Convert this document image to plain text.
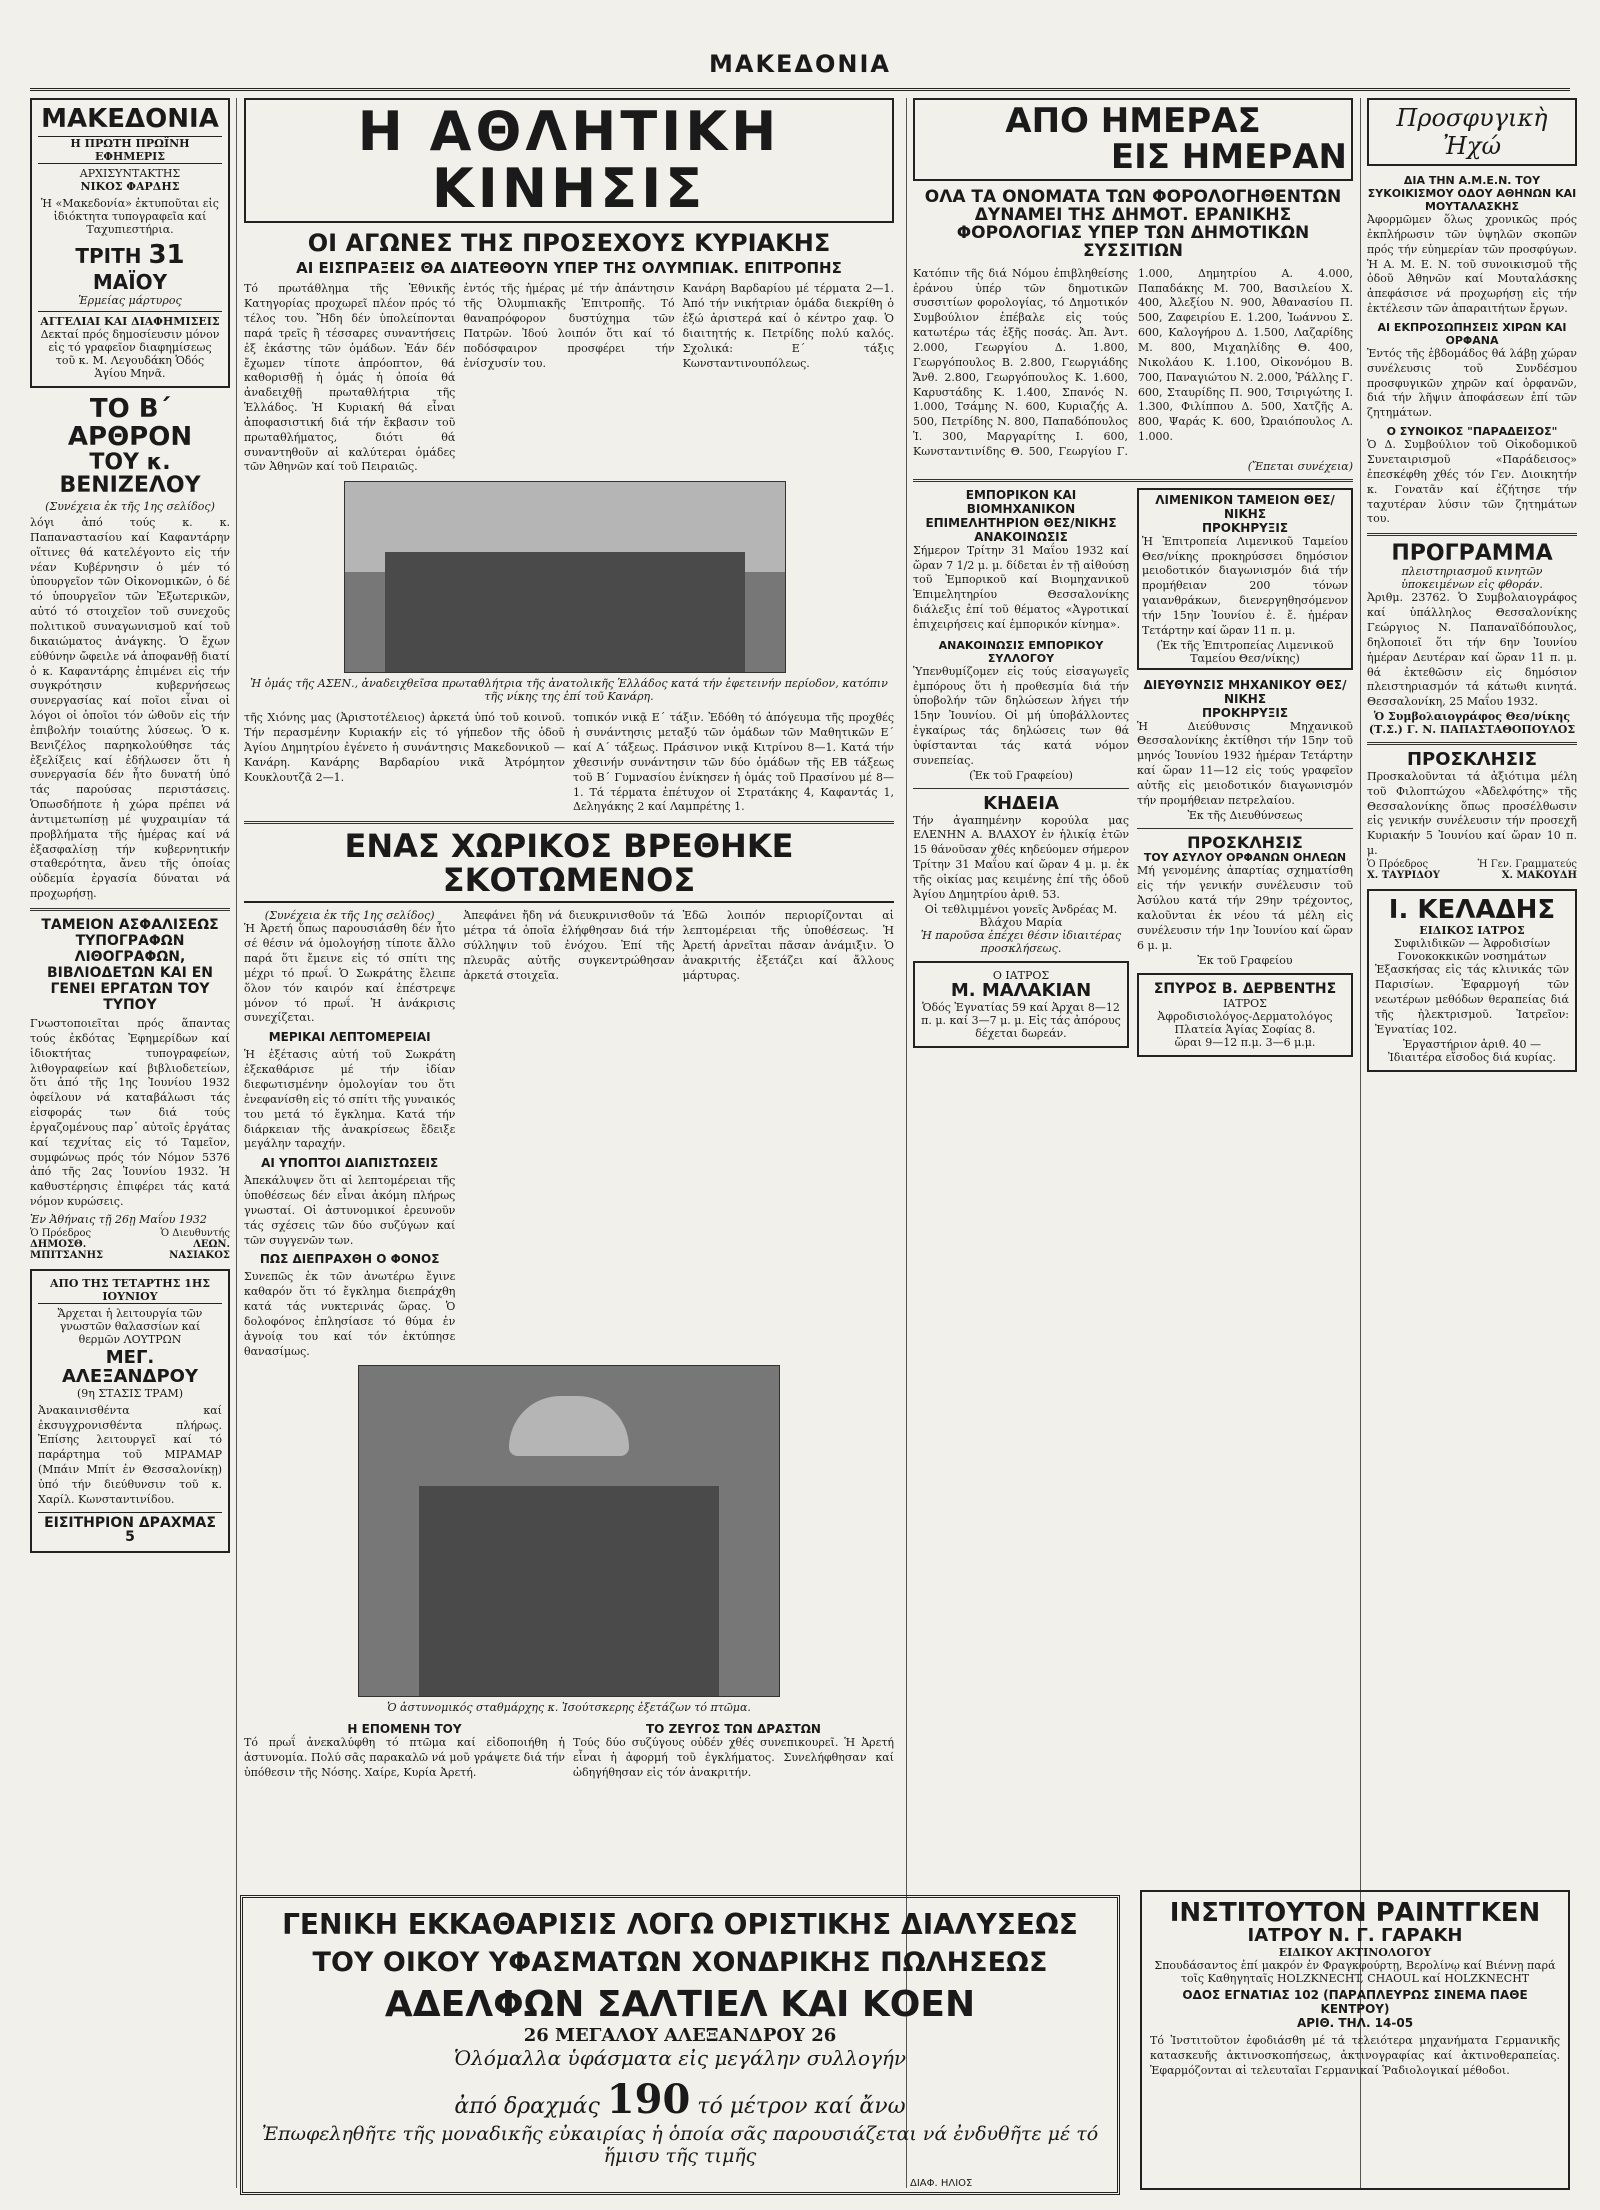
ΜΑΚΕΔΟΝΙΑ
ΜΑΚΕΔΟΝΙΑ
Η ΠΡΩΤΗ ΠΡΩΪΝΗ ΕΦΗΜΕΡΙΣ
ΑΡΧΙΣΥΝΤΑΚΤΗΣ
ΝΙΚΟΣ ΦΑΡΔΗΣ
Ἡ «Μακεδονία» ἐκτυποῦται εἰς ἰδιόκτητα τυπογραφεῖα καί Ταχυπιεστήρια.
ΤΡΙΤΗ 31 ΜΑΪΟΥ
Ἑρμείας μάρτυρος
ΑΓΓΕΛΙΑΙ ΚΑΙ ΔΙΑΦΗΜΙΣΕΙΣ
Δεκταί πρός δημοσίευσιν μόνον εἰς τό γραφεῖον διαφημίσεως τοῦ κ. Μ. Λεγουδάκη Ὁδός Ἁγίου Μηνᾶ.
ΤΟ Β΄ ΑΡΘΡΟΝ
ΤΟΥ κ. ΒΕΝΙΖΕΛΟΥ
(Συνέχεια ἐκ τῆς 1ης σελίδος)
λόγι ἀπό τούς κ. κ. Παπαναστασίου καί Καφαντάρην οἵτινες θά κατελέγοντο εἰς τήν νέαν Κυβέρνησιν ὁ μέν τό ὑπουργεῖον τῶν Οἰκονομικῶν, ὁ δέ τό ὑπουργεῖον τῶν Ἐξωτερικῶν, αὐτό τό στοιχεῖον τοῦ συνεχοῦς πολιτικοῦ συναγωνισμοῦ καί τοῦ δικαιώματος ἀνάγκης. Ὁ ἔχων εὐθύνην ὤφειλε νά ἀποφανθῇ διατί ὁ κ. Καφαντάρης ἐπιμένει εἰς τήν συγκρότησιν κυβερνήσεως συνεργασίας καί ποῖοι εἶναι οἱ λόγοι οἱ ὁποῖοι τόν ὠθοῦν εἰς τήν ἐπιβολήν τοιαύτης λύσεως. Ὁ κ. Βενιζέλος παρηκολούθησε τάς ἐξελίξεις καί ἐδήλωσεν ὅτι ἡ συνεργασία δέν ἦτο δυνατή ὑπό τάς παρούσας περιστάσεις. Ὁπωσδήποτε ἡ χώρα πρέπει νά ἀντιμετωπίσῃ μέ ψυχραιμίαν τά προβλήματα τῆς ἡμέρας καί νά ἐξασφαλίσῃ τήν κυβερνητικήν σταθερότητα, ἄνευ τῆς ὁποίας οὐδεμία ἐργασία δύναται νά προχωρήσῃ.
ΤΑΜΕΙΟΝ ΑΣΦΑΛΙΣΕΩΣ ΤΥΠΟΓΡΑΦΩΝ ΛΙΘΟΓΡΑΦΩΝ, ΒΙΒΛΙΟΔΕΤΩΝ ΚΑΙ ΕΝ ΓΕΝΕΙ ΕΡΓΑΤΩΝ ΤΟΥ ΤΥΠΟΥ
Γνωστοποιεῖται πρός ἅπαντας τούς ἐκδότας Ἐφημερίδων καί ἰδιοκτήτας τυπογραφείων, λιθογραφείων καί βιβλιοδετείων, ὅτι ἀπό τῆς 1ης Ἰουνίου 1932 ὀφείλουν νά καταβάλωσι τάς εἰσφοράς των διά τούς ἐργαζομένους παρ᾽ αὐτοῖς ἐργάτας καί τεχνίτας εἰς τό Ταμεῖον, συμφώνως πρός τόν Νόμον 5376 ἀπό τῆς 2ας Ἰουνίου 1932. Ἡ καθυστέρησις ἐπιφέρει τάς κατά νόμον κυρώσεις.
Ἐν Ἀθήναις τῇ 26ῃ Μαΐου 1932
Ὁ Πρόεδρος
ΔΗΜΟΣΘ. ΜΠΙΤΣΑΝΗΣ
Ὁ Διευθυντής
ΛΕΩΝ. ΝΑΣΙΑΚΟΣ
ΑΠΟ ΤΗΣ ΤΕΤΑΡΤΗΣ 1ΗΣ ΙΟΥΝΙΟΥ
Ἄρχεται ἡ λειτουργία τῶν γνωστῶν θαλασσίων καί θερμῶν ΛΟΥΤΡΩΝ
ΜΕΓ. ΑΛΕΞΑΝΔΡΟΥ
(9η ΣΤΑΣΙΣ ΤΡΑΜ)
Ἀνακαινισθέντα καί ἐκσυγχρονισθέντα πλήρως. Ἐπίσης λειτουργεῖ καί τό παράρτημα τοῦ ΜΙΡΑΜΑΡ (Μπάιν Μπίτ ἐν Θεσσαλονίκῃ) ὑπό τήν διεύθυνσιν τοῦ κ. Χαρίλ. Κωνσταντινίδου.
ΕΙΣΙΤΗΡΙΟΝ ΔΡΑΧΜΑΣ 5
Η ΑΘΛΗΤΙΚΗ ΚΙΝΗΣΙΣ
ΟΙ ΑΓΩΝΕΣ ΤΗΣ ΠΡΟΣΕΧΟΥΣ ΚΥΡΙΑΚΗΣ
ΑΙ ΕΙΣΠΡΑΞΕΙΣ ΘΑ ΔΙΑΤΕΘΟΥΝ ΥΠΕΡ ΤΗΣ ΟΛΥΜΠΙΑΚ. ΕΠΙΤΡΟΠΗΣ
Τό πρωτάθλημα τῆς Ἐθνικῆς Κατηγορίας προχωρεῖ πλέον πρός τό τέλος του. Ἤδη δέν ὑπολείπονται παρά τρεῖς ἢ τέσσαρες συναντήσεις ἐξ ἑκάστης τῶν ὁμάδων. Ἐάν δέν ἔχωμεν τίποτε ἀπρόοπτον, θά καθορισθῇ ἡ ὁμάς ἡ ὁποία θά ἀναδειχθῇ πρωταθλήτρια τῆς Ἑλλάδος. Ἡ Κυριακή θά εἶναι ἀποφασιστική διά τήν ἔκβασιν τοῦ πρωταθλήματος, διότι θά συναντηθοῦν αἱ καλύτεραι ὁμάδες τῶν Ἀθηνῶν καί τοῦ Πειραιῶς.
ἐντός τῆς ἡμέρας μέ τήν ἀπάντησιν τῆς Ὀλυμπιακῆς Ἐπιτροπῆς. Τό θαναπρόφορον δυστύχημα τῶν Πατρῶν. Ἰδού λοιπόν ὅτι καί τό ποδόσφαιρον προσφέρει τήν ἐνίσχυσίν του.
Κανάρη Βαρδαρίου μέ τέρματα 2—1. Ἀπό τήν νικήτριαν ὁμάδα διεκρίθη ὁ ἐξώ ἀριστερά καί ὁ κέντρο χαφ. Ὁ διαιτητής κ. Πετρίδης πολύ καλός. Σχολικά: Ε΄ τάξις Κωνσταντινουπόλεως.
Ἡ ὁμάς τῆς ΑΣΕΝ., ἀναδειχθεῖσα πρωταθλήτρια τῆς ἀνατολικῆς Ἑλλάδος κατά τήν ἐφετεινήν περίοδον, κατόπιν τῆς νίκης της ἐπί τοῦ Κανάρη.
τῆς Χιόνης μας (Ἀριστοτέλειος) ἀρκετά ὑπό τοῦ κοινοῦ. Τήν περασμένην Κυριακήν εἰς τό γήπεδον τῆς ὁδοῦ Ἀγίου Δημητρίου ἐγένετο ἡ συνάντησις Μακεδονικοῦ — Κανάρη. Κανάρης Βαρδαρίου νικᾶ Ἀτρόμητον Κουκλουτζᾶ 2—1.
τοπικόν νικᾷ Ε΄ τάξιν. Ἐδόθη τό ἀπόγευμα τῆς προχθές ἡ συνάντησις μεταξύ τῶν ὁμάδων τῶν Μαθητικῶν Ε΄ καί Α΄ τάξεως. Πράσινον νικᾷ Κιτρίνου 8—1. Κατά τήν χθεσινήν συνάντησιν τῶν δύο ὁμάδων τῆς ΕΒ τάξεως τοῦ Β΄ Γυμνασίου ἐνίκησεν ἡ ὁμάς τοῦ Πρασίνου μέ 8—1. Τά τέρματα ἐπέτυχον οἱ Στρατάκης 4, Καφαντάς 1, Δεληγάκης 2 καί Λαμπρέτης 1.
ΕΝΑΣ ΧΩΡΙΚΟΣ ΒΡΕΘΗΚΕ ΣΚΟΤΩΜΕΝΟΣ
(Συνέχεια ἐκ τῆς 1ης σελίδος)
Ἡ Ἀρετή ὅπως παρουσιάσθη δέν ἦτο σέ θέσιν νά ὁμολογήσῃ τίποτε ἄλλο παρά ὅτι ἔμεινε εἰς τό σπίτι της μέχρι τό πρωΐ. Ὁ Σωκράτης ἔλειπε ὅλον τόν καιρόν καί ἐπέστρεψε μόνον τό πρωΐ. Ἡ ἀνάκρισις συνεχίζεται.
ΜΕΡΙΚΑΙ ΛΕΠΤΟΜΕΡΕΙΑΙ
Ἡ ἐξέτασις αὐτή τοῦ Σωκράτη ἐξεκαθάρισε μέ τήν ἰδίαν διεφωτισμένην ὁμολογίαν του ὅτι ἐνεφανίσθη εἰς τό σπίτι τῆς γυναικός του μετά τό ἔγκλημα. Κατά τήν διάρκειαν τῆς ἀνακρίσεως ἔδειξε μεγάλην ταραχήν.
ΑΙ ΥΠΟΠΤΟΙ ΔΙΑΠΙΣΤΩΣΕΙΣ
Ἀπεκάλυψεν ὅτι αἱ λεπτομέρειαι τῆς ὑποθέσεως δέν εἶναι ἀκόμη πλήρως γνωσταί. Οἱ ἀστυνομικοί ἐρευνοῦν τάς σχέσεις τῶν δύο συζύγων καί τῶν συγγενῶν των.
ΠΩΣ ΔΙΕΠΡΑΧΘΗ Ο ΦΟΝΟΣ
Συνεπῶς ἐκ τῶν ἀνωτέρω ἔγινε καθαρόν ὅτι τό ἔγκλημα διεπράχθη κατά τάς νυκτερινάς ὥρας. Ὁ δολοφόνος ἐπλησίασε τό θύμα ἐν ἀγνοίᾳ του καί τόν ἐκτύπησε θανασίμως.
Ἀπεφάνει ἤδη νά διευκρινισθοῦν τά μέτρα τά ὁποῖα ἐλήφθησαν διά τήν σύλληψιν τοῦ ἐνόχου. Ἐπί τῆς πλευρᾶς αὐτῆς συγκεντρώθησαν ἀρκετά στοιχεῖα.
Ἐδῶ λοιπόν περιορίζονται αἱ λεπτομέρειαι τῆς ὑποθέσεως. Ἡ Ἀρετή ἀρνεῖται πᾶσαν ἀνάμιξιν. Ὁ ἀνακριτής ἐξετάζει καί ἄλλους μάρτυρας.
Ὁ ἀστυνομικός σταθμάρχης κ. Ἰσούτσκερης ἐξετάζων τό πτῶμα.
Η ΕΠΟΜΕΝΗ ΤΟΥ
Τό πρωΐ ἀνεκαλύφθη τό πτῶμα καί εἰδοποιήθη ἡ ἀστυνομία. Πολύ σᾶς παρακαλῶ νά μοῦ γράψετε διά τήν ὑπόθεσιν τῆς Νόσης. Χαίρε, Κυρία Ἀρετή.
ΤΟ ΖΕΥΓΟΣ ΤΩΝ ΔΡΑΣΤΩΝ
Τούς δύο συζύγους οὐδέν χθές συνεπικουρεῖ. Ἡ Ἀρετή εἶναι ἡ ἀφορμή τοῦ ἐγκλήματος. Συνελήφθησαν καί ὡδηγήθησαν εἰς τόν ἀνακριτήν.
ΑΠΟ ΗΜΕΡΑΣ
ΕΙΣ ΗΜΕΡΑΝ
ΟΛΑ ΤΑ ΟΝΟΜΑΤΑ ΤΩΝ ΦΟΡΟΛΟΓΗΘΕΝΤΩΝ ΔΥΝΑΜΕΙ ΤΗΣ ΔΗΜΟΤ. ΕΡΑΝΙΚΗΣ ΦΟΡΟΛΟΓΙΑΣ ΥΠΕΡ ΤΩΝ ΔΗΜΟΤΙΚΩΝ ΣΥΣΣΙΤΙΩΝ
Κατόπιν τῆς διά Νόμου ἐπιβληθείσης ἐράνου ὑπέρ τῶν δημοτικῶν συσσιτίων φορολογίας, τό Δημοτικόν Συμβούλιον ἐπέβαλε εἰς τούς κατωτέρω τάς ἑξῆς ποσάς. Ἀπ. Ἀντ. 2.000, Γεωργίου Δ. 1.800, Γεωργόπουλος Β. 2.800, Γεωργιάδης Ἄνθ. 2.800, Γεωργόπουλος Κ. 1.600, Καρυστάδης Κ. 1.400, Σπανός Ν. 1.000, Τσάμης Ν. 600, Κυριαζής Α. 500, Πετρίδης Ν. 800, Παπαδόπουλος Ἰ. 300, Μαργαρίτης Ι. 600, Κωνσταντινίδης Θ. 500, Γεωργίου Γ. 1.000, Δημητρίου Α. 4.000, Παπαδάκης Μ. 700, Βασιλείου Χ. 400, Ἀλεξίου Ν. 900, Ἀθανασίου Π. 500, Ζαφειρίου Ε. 1.200, Ἰωάννου Σ. 600, Καλογήρου Δ. 1.500, Λαζαρίδης Μ. 800, Μιχαηλίδης Θ. 400, Νικολάου Κ. 1.100, Οἰκονόμου Β. 700, Παναγιώτου Ν. 2.000, Ῥάλλης Γ. 600, Σταυρίδης Π. 900, Τσιριγώτης Ι. 1.300, Φιλίππου Δ. 500, Χατζῆς Α. 800, Ψαράς Κ. 600, Ὠραιόπουλος Λ. 1.000.
(Ἔπεται συνέχεια)
ΕΜΠΟΡΙΚΟΝ ΚΑΙ ΒΙΟΜΗΧΑΝΙΚΟΝ ΕΠΙΜΕΛΗΤΗΡΙΟΝ ΘΕΣ/ΝΙΚΗΣ
ΑΝΑΚΟΙΝΩΣΙΣ
Σήμερον Τρίτην 31 Μαΐου 1932 καί ὥραν 7 1/2 μ. μ. δίδεται ἐν τῇ αἰθούσῃ τοῦ Ἐμπορικοῦ καί Βιομηχανικοῦ Ἐπιμελητηρίου Θεσσαλονίκης διάλεξις ἐπί τοῦ θέματος «Ἀγροτικαί ἐπιχειρήσεις καί ἐμπορικόν κίνημα».
ΑΝΑΚΟΙΝΩΣΙΣ ΕΜΠΟΡΙΚΟΥ ΣΥΛΛΟΓΟΥ
Ὑπενθυμίζομεν εἰς τούς εἰσαγωγεῖς ἐμπόρους ὅτι ἡ προθεσμία διά τήν ὑποβολήν τῶν δηλώσεων λήγει τήν 15ην Ἰουνίου. Οἱ μή ὑποβάλλοντες ἐγκαίρως τάς δηλώσεις των θά ὑφίστανται τάς κατά νόμον συνεπείας.
(Ἐκ τοῦ Γραφείου)
ΚΗΔΕΙΑ
Τήν ἀγαπημένην κορούλα μας ΕΛΕΝΗΝ Α. ΒΛΑΧΟΥ ἐν ἡλικίᾳ ἐτῶν 15 θάνοῦσαν χθές κηδεύομεν σήμερον Τρίτην 31 Μαΐου καί ὥραν 4 μ. μ. ἐκ τῆς οἰκίας μας κειμένης ἐπί τῆς ὁδοῦ Ἀγίου Δημητρίου ἀριθ. 53.
Οἱ τεθλιμμένοι γονεῖς Ἀνδρέας Μ. Βλάχου Μαρία
Ἡ παροῦσα ἐπέχει θέσιν ἰδιαιτέρας προσκλήσεως.
Ο ΙΑΤΡΟΣ
Μ. ΜΑΛΑΚΙΑΝ
Ὁδός Ἐγνατίας 59 καί Ἀρχαι 8—12 π. μ. καί 3—7 μ. μ. Εἰς τάς ἀπόρους δέχεται δωρεάν.
ΛΙΜΕΝΙΚΟΝ ΤΑΜΕΙΟΝ ΘΕΣ/ΝΙΚΗΣ
ΠΡΟΚΗΡΥΞΙΣ
Ἡ Ἐπιτροπεία Λιμενικοῦ Ταμείου Θεσ/νίκης προκηρύσσει δημόσιον μειοδοτικόν διαγωνισμόν διά τήν προμήθειαν 200 τόνων γαιανθράκων, διενεργηθησόμενον τήν 15ην Ἰουνίου ἐ. ἔ. ἡμέραν Τετάρτην καί ὥραν 11 π. μ.
(Ἐκ τῆς Ἐπιτροπείας Λιμενικοῦ Ταμείου Θεσ/νίκης)
ΔΙΕΥΘΥΝΣΙΣ ΜΗΧΑΝΙΚΟΥ ΘΕΣ/ΝΙΚΗΣ
ΠΡΟΚΗΡΥΞΙΣ
Ἡ Διεύθυνσις Μηχανικοῦ Θεσσαλονίκης ἐκτίθησι τήν 15ην τοῦ μηνός Ἰουνίου 1932 ἡμέραν Τετάρτην καί ὥραν 11—12 εἰς τούς γραφεῖον αὐτῆς εἰς μειοδοτικόν διαγωνισμόν τήν προμήθειαν πετρελαίου.
Ἐκ τῆς Διευθύνσεως
ΠΡΟΣΚΛΗΣΙΣ
ΤΟΥ ΑΣΥΛΟΥ ΟΡΦΑΝΩΝ ΟΗΛΕΩΝ
Μή γενομένης ἀπαρτίας σχηματίσθη εἰς τήν γενικήν συνέλευσιν τοῦ Ἀσύλου κατά τήν 29ην τρέχοντος, καλοῦνται ἐκ νέου τά μέλη εἰς συνέλευσιν τήν 1ην Ἰουνίου καί ὥραν 6 μ. μ.
Ἐκ τοῦ Γραφείου
ΣΠΥΡΟΣ Β. ΔΕΡΒΕΝΤΗΣ
ΙΑΤΡΟΣ
Ἀφροδισιολόγος-Δερματολόγος
Πλατεία Ἁγίας Σοφίας 8.
ὥραι 9—12 π.μ. 3—6 μ.μ.
Προσφυγικὴ Ἠχώ
ΔΙΑ ΤΗΝ Α.Μ.Ε.Ν. ΤΟΥ ΣΥΚΟΙΚΙΣΜΟΥ ΟΔΟΥ ΑΘΗΝΩΝ ΚΑΙ ΜΟΥΤΑΛΑΣΚΗΣ
Ἀφορμῶμεν ὅλως χρονικῶς πρός ἐκπλήρωσιν τῶν ὑψηλῶν σκοπῶν πρός τήν εὐημερίαν τῶν προσφύγων. Ἡ Α. Μ. Ε. Ν. τοῦ συνοικισμοῦ τῆς ὁδοῦ Ἀθηνῶν καί Μουταλάσκης ἀπεφάσισε νά προχωρήσῃ εἰς τήν ἐκτέλεσιν τῶν ἀπαραιτήτων ἔργων.
ΑΙ ΕΚΠΡΟΣΩΠΗΣΕΙΣ ΧΙΡΩΝ ΚΑΙ ΟΡΦΑΝΑ
Ἐντός τῆς ἑβδομάδος θά λάβῃ χώραν συνέλευσις τοῦ Συνδέσμου προσφυγικῶν χηρῶν καί ὀρφανῶν, διά τήν λῆψιν ἀποφάσεων ἐπί τῶν ζητημάτων.
Ο ΣΥΝΟΙΚΟΣ "ΠΑΡΑΔΕΙΣΟΣ"
Ὁ Δ. Συμβούλιον τοῦ Οἰκοδομικοῦ Συνεταιρισμοῦ «Παράδεισος» ἐπεσκέφθη χθές τόν Γεν. Διοικητήν κ. Γονατᾶν καί ἐζήτησε τήν ταχυτέραν λύσιν τῶν ζητημάτων του.
ΠΡΟΓΡΑΜΜΑ
πλειστηριασμοῦ κινητῶν ὑποκειμένων εἰς φθοράν.
Ἀριθμ. 23762. Ὁ Συμβολαιογράφος καί ὑπάλληλος Θεσσαλονίκης Γεώργιος Ν. Παπαναϊδόπουλος, δηλοποιεῖ ὅτι τήν 6ην Ἰουνίου ἡμέραν Δευτέραν καί ὥραν 11 π. μ. θά ἐκτεθῶσιν εἰς δημόσιον πλειστηριασμόν τά κάτωθι κινητά. Θεσσαλονίκη, 25 Μαΐου 1932.
Ὁ Συμβολαιογράφος Θεσ/νίκης (Τ.Σ.) Γ. Ν. ΠΑΠΑΣΤΑΘΟΠΟΥΛΟΣ
ΠΡΟΣΚΛΗΣΙΣ
Προσκαλοῦνται τά ἀξιότιμα μέλη τοῦ Φιλοπτώχου «Ἀδελφότης» τῆς Θεσσαλονίκης ὅπως προσέλθωσιν εἰς γενικήν συνέλευσιν τήν προσεχῆ Κυριακήν 5 Ἰουνίου καί ὥραν 10 π. μ.
Ὁ Πρόεδρος
Χ. ΤΑΥΡΙΔΟΥ
Ἡ Γεν. Γραμματεύς
Χ. ΜΑΚΟΥΔΗ
Ι. ΚΕΛΑΔΗΣ
ΕΙΔΙΚΟΣ ΙΑΤΡΟΣ
Συφιλιδικῶν — Ἀφροδισίων Γονοκοκκικῶν νοσημάτων
Ἐξασκήσας εἰς τάς κλινικάς τῶν Παρισίων. Ἐφαρμογή τῶν νεωτέρων μεθόδων θεραπείας διά τῆς ἠλεκτρισμοῦ. Ἰατρεῖον: Ἐγνατίας 102.
Ἐργαστήριον ἀριθ. 40 — Ἰδιαιτέρα εἴσοδος διά κυρίας.
ΓΕΝΙΚΗ ΕΚΚΑΘΑΡΙΣΙΣ ΛΟΓΩ ΟΡΙΣΤΙΚΗΣ ΔΙΑΛΥΣΕΩΣ
ΤΟΥ ΟΙΚΟΥ ΥΦΑΣΜΑΤΩΝ ΧΟΝΔΡΙΚΗΣ ΠΩΛΗΣΕΩΣ
ΑΔΕΛΦΩΝ ΣΑΛΤΙΕΛ ΚΑΙ ΚΟΕΝ
26 ΜΕΓΑΛΟΥ ΑΛΕΞΑΝΔΡΟΥ 26
Ὁλόμαλλα ὑφάσματα εἰς μεγάλην συλλογήν
ἀπό δραχμάς 190 τό μέτρον καί ἄνω
Ἐπωφεληθῆτε τῆς μοναδικῆς εὐκαιρίας ἡ ὁποία σᾶς παρουσιάζεται νά ἐνδυθῆτε μέ τό ἥμισυ τῆς τιμῆς
ΙΝΣΤΙΤΟΥΤΟΝ ΡΑΙΝΤΓΚΕΝ
ΙΑΤΡΟΥ Ν. Γ. ΓΑΡΑΚΗ
ΕΙΔΙΚΟΥ ΑΚΤΙΝΟΛΟΓΟΥ
Σπουδάσαντος ἐπί μακρόν ἐν Φραγκφούρτῃ, Βερολίνῳ καί Βιέννῃ παρά τοῖς Καθηγηταῖς HOLZKNECHT, CHAOUL καί HOLZKNECHT
ΟΔΟΣ ΕΓΝΑΤΙΑΣ 102 (ΠΑΡΑΠΛΕΥΡΩΣ ΣΙΝΕΜΑ ΠΑΘΕ ΚΕΝΤΡΟΥ)
ΑΡΙΘ. ΤΗΛ. 14-05
Τό Ἰνστιτοῦτον ἐφοδιάσθη μέ τά τελειότερα μηχανήματα Γερμανικῆς κατασκευῆς ἀκτινοσκοπήσεως, ἀκτινογραφίας καί ἀκτινοθεραπείας. Ἐφαρμόζονται αἱ τελευταῖαι Γερμανικαί Ῥαδιολογικαί μέθοδοι.
ΔΙΑΦ. ΗΛΙΟΣ
